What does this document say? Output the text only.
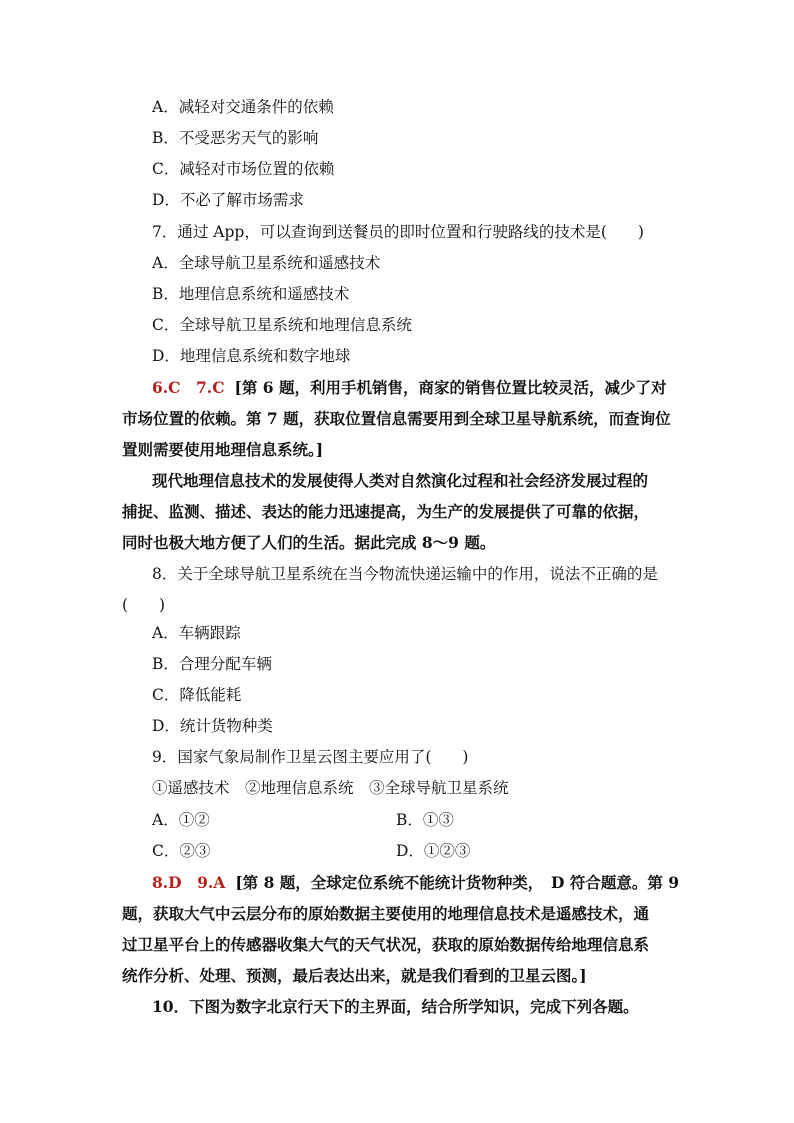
A．减轻对交通条件的依赖
B．不受恶劣天气的影响
C．减轻对市场位置的依赖
D．不必了解市场需求
7．通过 App，可以查询到送餐员的即时位置和行驶路线的技术是(　　)
A．全球导航卫星系统和遥感技术
B．地理信息系统和遥感技术
C．全球导航卫星系统和地理信息系统
D．地理信息系统和数字地球
6.C　7.C [第 6 题，利用手机销售，商家的销售位置比较灵活，减少了对
市场位置的依赖。第 7 题，获取位置信息需要用到全球卫星导航系统，而查询位
置则需要使用地理信息系统。]
现代地理信息技术的发展使得人类对自然演化过程和社会经济发展过程的
捕捉、监测、描述、表达的能力迅速提高，为生产的发展提供了可靠的依据，
同时也极大地方便了人们的生活。据此完成 8～9 题。
8．关于全球导航卫星系统在当今物流快递运输中的作用，说法不正确的是
(　　)
A．车辆跟踪
B．合理分配车辆
C．降低能耗
D．统计货物种类
9．国家气象局制作卫星云图主要应用了(　　)
①遥感技术　②地理信息系统　③全球导航卫星系统
A．①②	B．①③
C．②③	D．①②③
8.D　9.A [第 8 题，全球定位系统不能统计货物种类，　D 符合题意。第 9
题，获取大气中云层分布的原始数据主要使用的地理信息技术是遥感技术，通
过卫星平台上的传感器收集大气的天气状况，获取的原始数据传给地理信息系
统作分析、处理、预测，最后表达出来，就是我们看到的卫星云图。]
10．下图为数字北京行天下的主界面，结合所学知识，完成下列各题。
